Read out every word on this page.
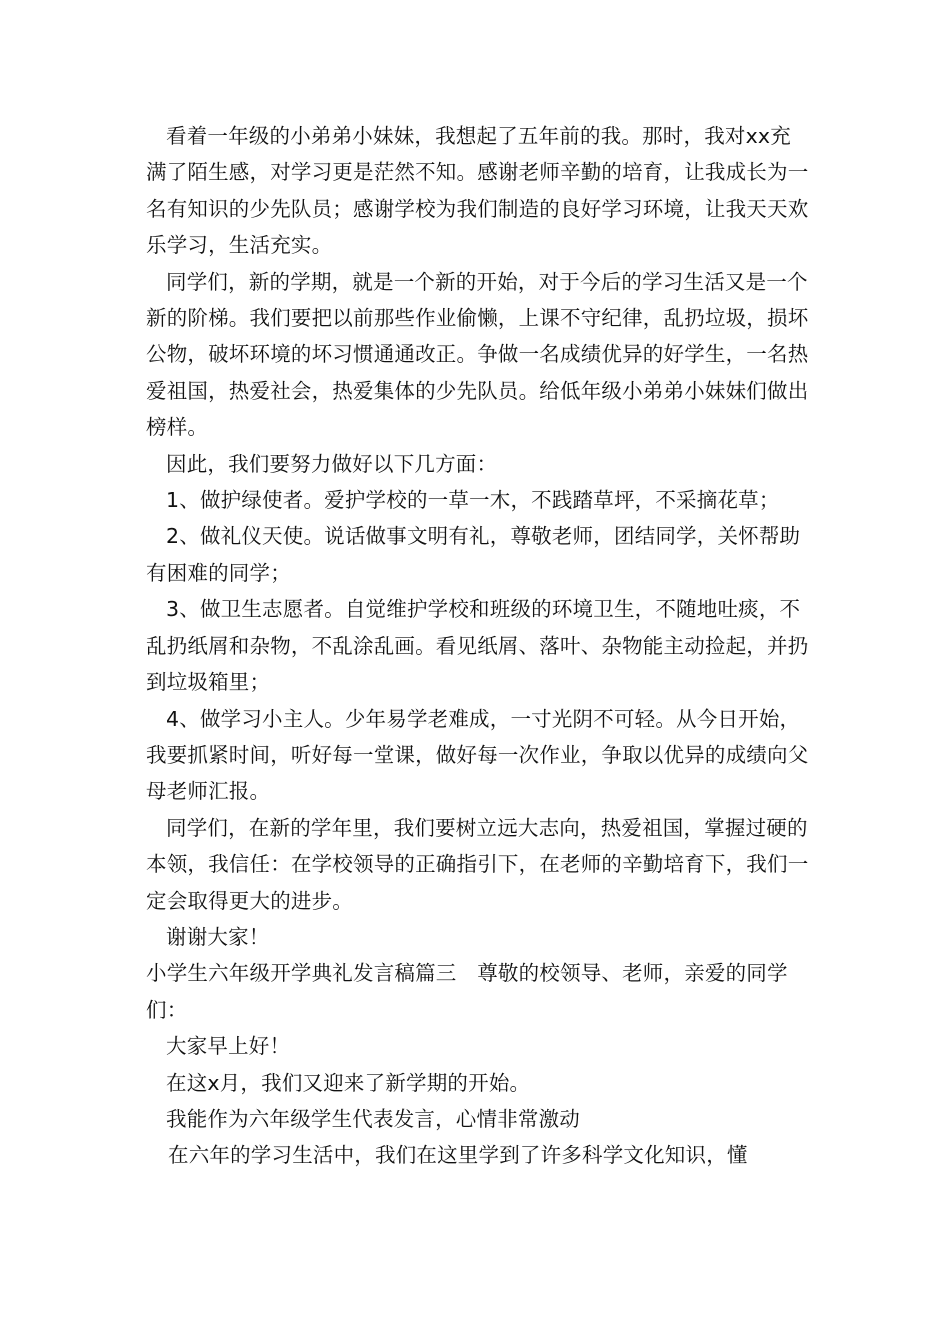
看着一年级的小弟弟小妹妹，我想起了五年前的我。那时，我对xx充满了陌生感，对学习更是茫然不知。感谢老师辛勤的培育，让我成长为一名有知识的少先队员；感谢学校为我们制造的良好学习环境，让我天天欢乐学习，生活充实。

同学们，新的学期，就是一个新的开始，对于今后的学习生活又是一个新的阶梯。我们要把以前那些作业偷懒，上课不守纪律，乱扔垃圾，损坏公物，破坏环境的坏习惯通通改正。争做一名成绩优异的好学生，一名热爱祖国，热爱社会，热爱集体的少先队员。给低年级小弟弟小妹妹们做出榜样。

因此，我们要努力做好以下几方面：

1、做护绿使者。爱护学校的一草一木，不践踏草坪，不采摘花草；

2、做礼仪天使。说话做事文明有礼，尊敬老师，团结同学，关怀帮助有困难的同学；

3、做卫生志愿者。自觉维护学校和班级的环境卫生，不随地吐痰，不乱扔纸屑和杂物，不乱涂乱画。看见纸屑、落叶、杂物能主动捡起，并扔到垃圾箱里；

4、做学习小主人。少年易学老难成，一寸光阴不可轻。从今日开始，我要抓紧时间，听好每一堂课，做好每一次作业，争取以优异的成绩向父母老师汇报。

同学们，在新的学年里，我们要树立远大志向，热爱祖国，掌握过硬的本领，我信任：在学校领导的正确指引下，在老师的辛勤培育下，我们一定会取得更大的进步。

谢谢大家！

小学生六年级开学典礼发言稿篇三　尊敬的校领导、老师，亲爱的同学们：

大家早上好！

在这x月，我们又迎来了新学期的开始。

我能作为六年级学生代表发言，心情非常激动

在六年的学习生活中，我们在这里学到了许多科学文化知识，懂
